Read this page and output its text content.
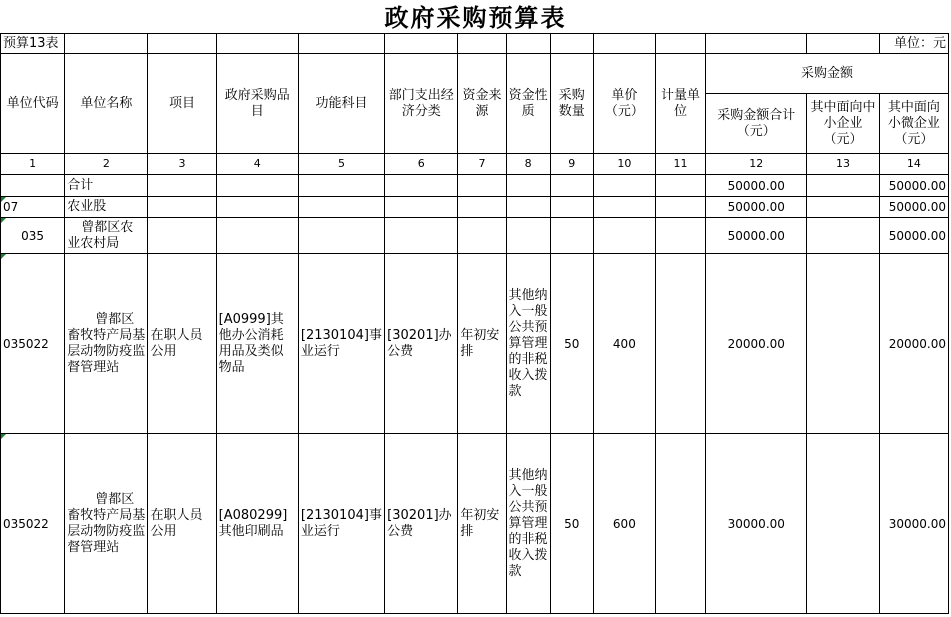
政府采购预算表
预算13表													单位：元
单位代码	单位名称	项目	政府采购品目	功能科目	部门支出经济分类	资金来源	资金性质	采购数量	单价（元）	计量单位	采购金额		
											采购金额合计（元）	其中面向中小企业（元）	其中面向小微企业（元）
1	2	3	4	5	6	7	8	9	10	11	12	13	14
	合计										50000.00		50000.00
07	农业股										50000.00		50000.00
035	曾都区农业农村局										50000.00		50000.00
035022	曾都区畜牧特产局基层动物防疫监督管理站	在职人员公用	[A0999]其他办公消耗用品及类似物品	[2130104]事业运行	[30201]办公费	年初安排	其他纳入一般公共预算管理的非税收入拨款	50	400		20000.00		20000.00
035022	曾都区畜牧特产局基层动物防疫监督管理站	在职人员公用	[A080299]其他印刷品	[2130104]事业运行	[30201]办公费	年初安排	其他纳入一般公共预算管理的非税收入拨款	50	600		30000.00		30000.00
